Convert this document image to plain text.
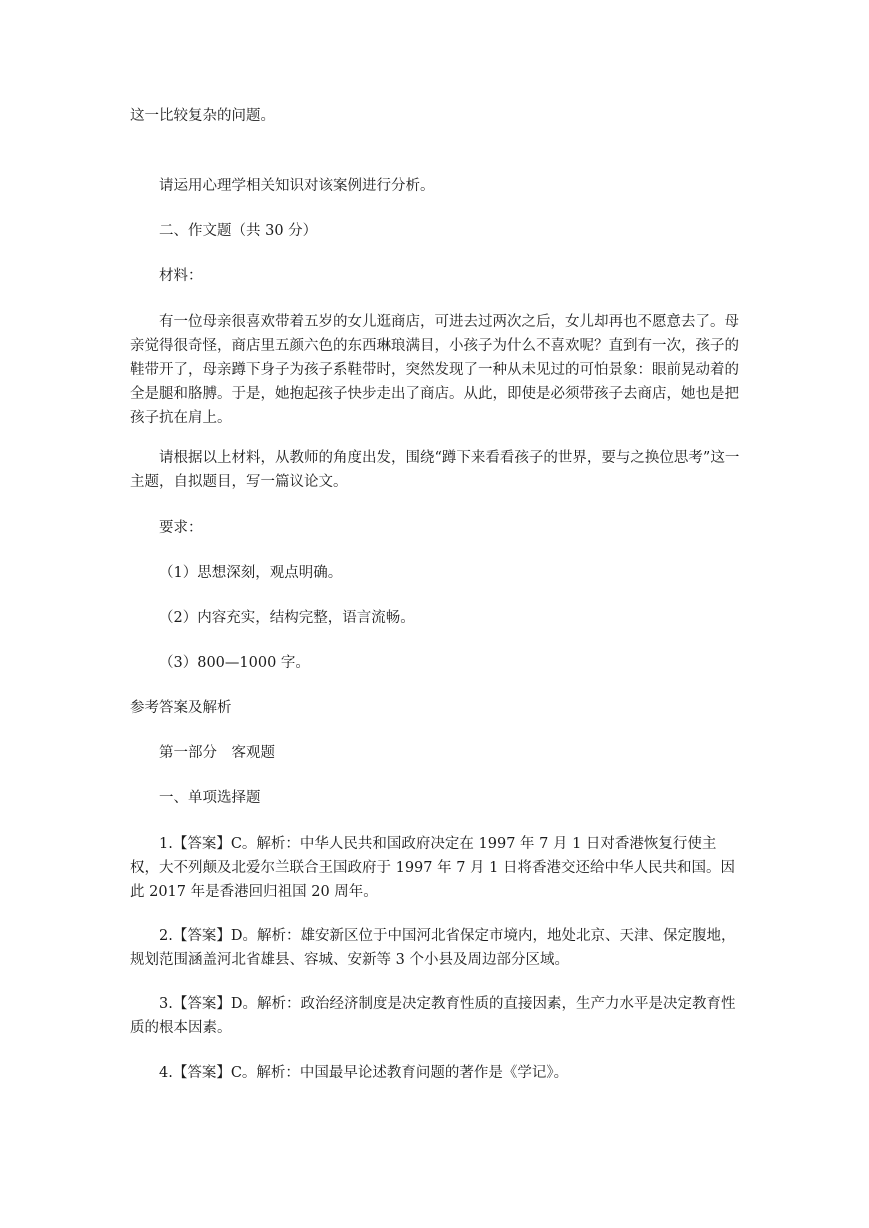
这一比较复杂的问题。

请运用心理学相关知识对该案例进行分析。

二、作文题（共 30 分）

材料：

有一位母亲很喜欢带着五岁的女儿逛商店，可进去过两次之后，女儿却再也不愿意去了。母亲觉得很奇怪，商店里五颜六色的东西琳琅满目，小孩子为什么不喜欢呢？直到有一次，孩子的鞋带开了，母亲蹲下身子为孩子系鞋带时，突然发现了一种从未见过的可怕景象：眼前晃动着的全是腿和胳膊。于是，她抱起孩子快步走出了商店。从此，即使是必须带孩子去商店，她也是把孩子抗在肩上。

请根据以上材料，从教师的角度出发，围绕“蹲下来看看孩子的世界，要与之换位思考”这一主题，自拟题目，写一篇议论文。

要求：

（1）思想深刻，观点明确。

（2）内容充实，结构完整，语言流畅。

（3）800—1000 字。

参考答案及解析

第一部分　客观题

一、单项选择题

1.【答案】C。解析：中华人民共和国政府决定在 1997 年 7 月 1 日对香港恢复行使主权，大不列颠及北爱尔兰联合王国政府于 1997 年 7 月 1 日将香港交还给中华人民共和国。因此 2017 年是香港回归祖国 20 周年。

2.【答案】D。解析：雄安新区位于中国河北省保定市境内，地处北京、天津、保定腹地，规划范围涵盖河北省雄县、容城、安新等 3 个小县及周边部分区域。

3.【答案】D。解析：政治经济制度是决定教育性质的直接因素，生产力水平是决定教育性质的根本因素。

4.【答案】C。解析：中国最早论述教育问题的著作是《学记》。
